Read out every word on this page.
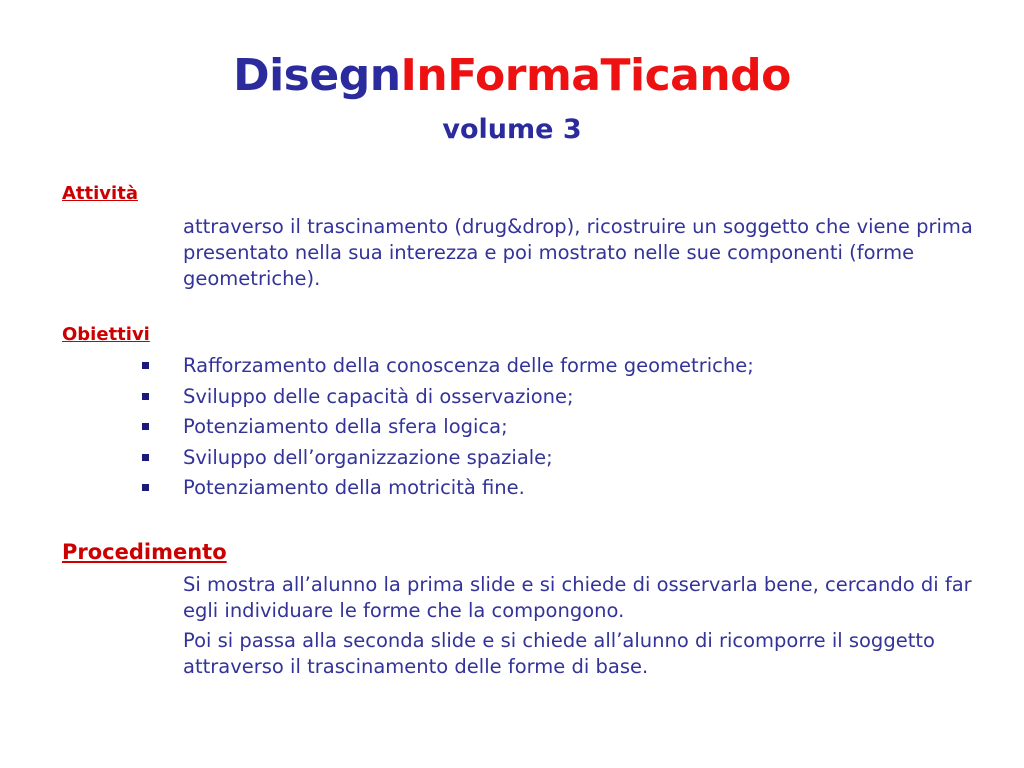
DisegnInFormaTicando
volume 3
Attività
attraverso il trascinamento (drug&drop), ricostruire un soggetto che viene prima presentato nella sua interezza e poi mostrato nelle sue componenti (forme geometriche).
Obiettivi
Rafforzamento della conoscenza delle forme geometriche;
Sviluppo delle capacità di osservazione;
Potenziamento della sfera logica;
Sviluppo dell’organizzazione spaziale;
Potenziamento della motricità fine.
Procedimento
Si mostra all’alunno la prima slide e si chiede di osservarla bene, cercando di far egli individuare le forme che la compongono.
Poi si passa alla seconda slide e si chiede all’alunno di ricomporre il soggetto attraverso il trascinamento delle forme di base.
